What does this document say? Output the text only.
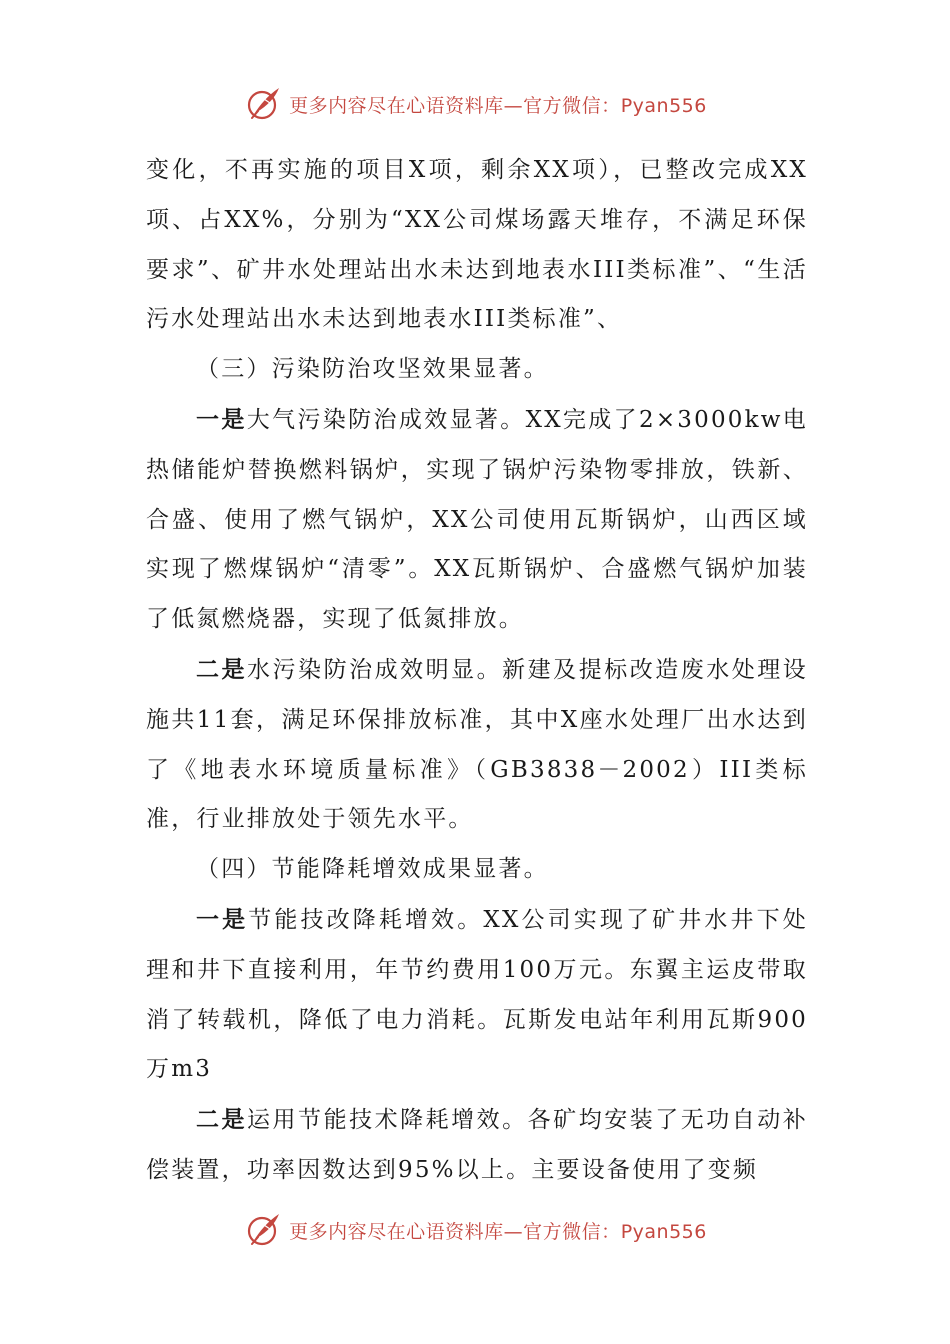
更多内容尽在心语资料库—官方微信：Pyan556

变化，不再实施的项目X项，剩余XX项），已整改完成XX项、占XX%，分别为“XX公司煤场露天堆存，不满足环保要求”、矿井水处理站出水未达到地表水III类标准”、“生活污水处理站出水未达到地表水III类标准”、

（三）污染防治攻坚效果显著。

一是大气污染防治成效显著。XX完成了2×3000kw电热储能炉替换燃料锅炉，实现了锅炉污染物零排放，铁新、合盛、使用了燃气锅炉，XX公司使用瓦斯锅炉，山西区域实现了燃煤锅炉“清零”。XX瓦斯锅炉、合盛燃气锅炉加装了低氮燃烧器，实现了低氮排放。

二是水污染防治成效明显。新建及提标改造废水处理设施共11套，满足环保排放标准，其中X座水处理厂出水达到了《地表水环境质量标准》（GB3838－2002）III类标准，行业排放处于领先水平。

（四）节能降耗增效成果显著。

一是节能技改降耗增效。XX公司实现了矿井水井下处理和井下直接利用，年节约费用100万元。东翼主运皮带取消了转载机，降低了电力消耗。瓦斯发电站年利用瓦斯900万m3

二是运用节能技术降耗增效。各矿均安装了无功自动补偿装置，功率因数达到95%以上。主要设备使用了变频

更多内容尽在心语资料库—官方微信：Pyan556
